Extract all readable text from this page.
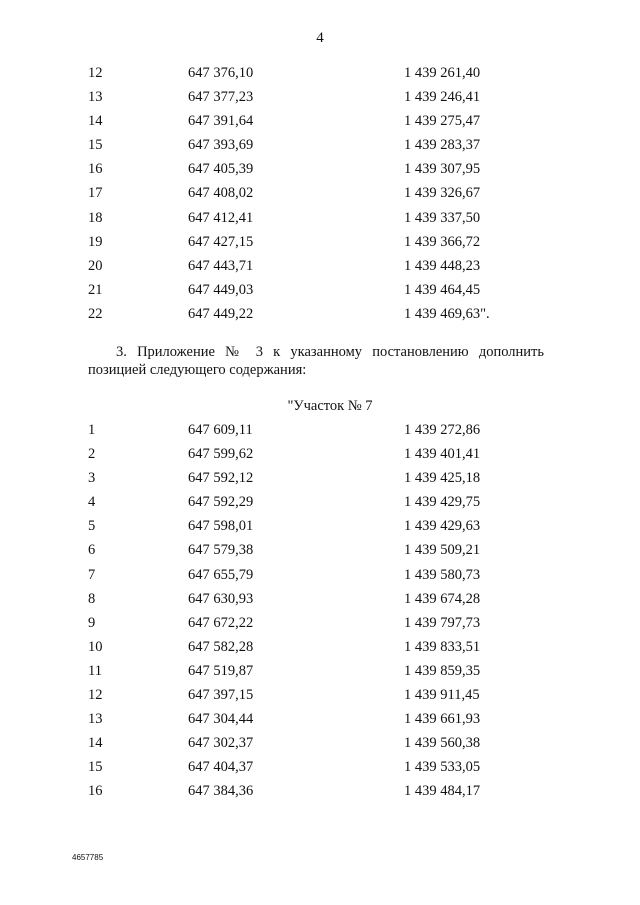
4
12	647 376,10	1 439 261,40
13	647 377,23	1 439 246,41
14	647 391,64	1 439 275,47
15	647 393,69	1 439 283,37
16	647 405,39	1 439 307,95
17	647 408,02	1 439 326,67
18	647 412,41	1 439 337,50
19	647 427,15	1 439 366,72
20	647 443,71	1 439 448,23
21	647 449,03	1 439 464,45
22	647 449,22	1 439 469,63".
3. Приложение № 3 к указанному постановлению дополнить
позицией следующего содержания:
"Участок № 7
1	647 609,11	1 439 272,86
2	647 599,62	1 439 401,41
3	647 592,12	1 439 425,18
4	647 592,29	1 439 429,75
5	647 598,01	1 439 429,63
6	647 579,38	1 439 509,21
7	647 655,79	1 439 580,73
8	647 630,93	1 439 674,28
9	647 672,22	1 439 797,73
10	647 582,28	1 439 833,51
11	647 519,87	1 439 859,35
12	647 397,15	1 439 911,45
13	647 304,44	1 439 661,93
14	647 302,37	1 439 560,38
15	647 404,37	1 439 533,05
16	647 384,36	1 439 484,17
4657785
